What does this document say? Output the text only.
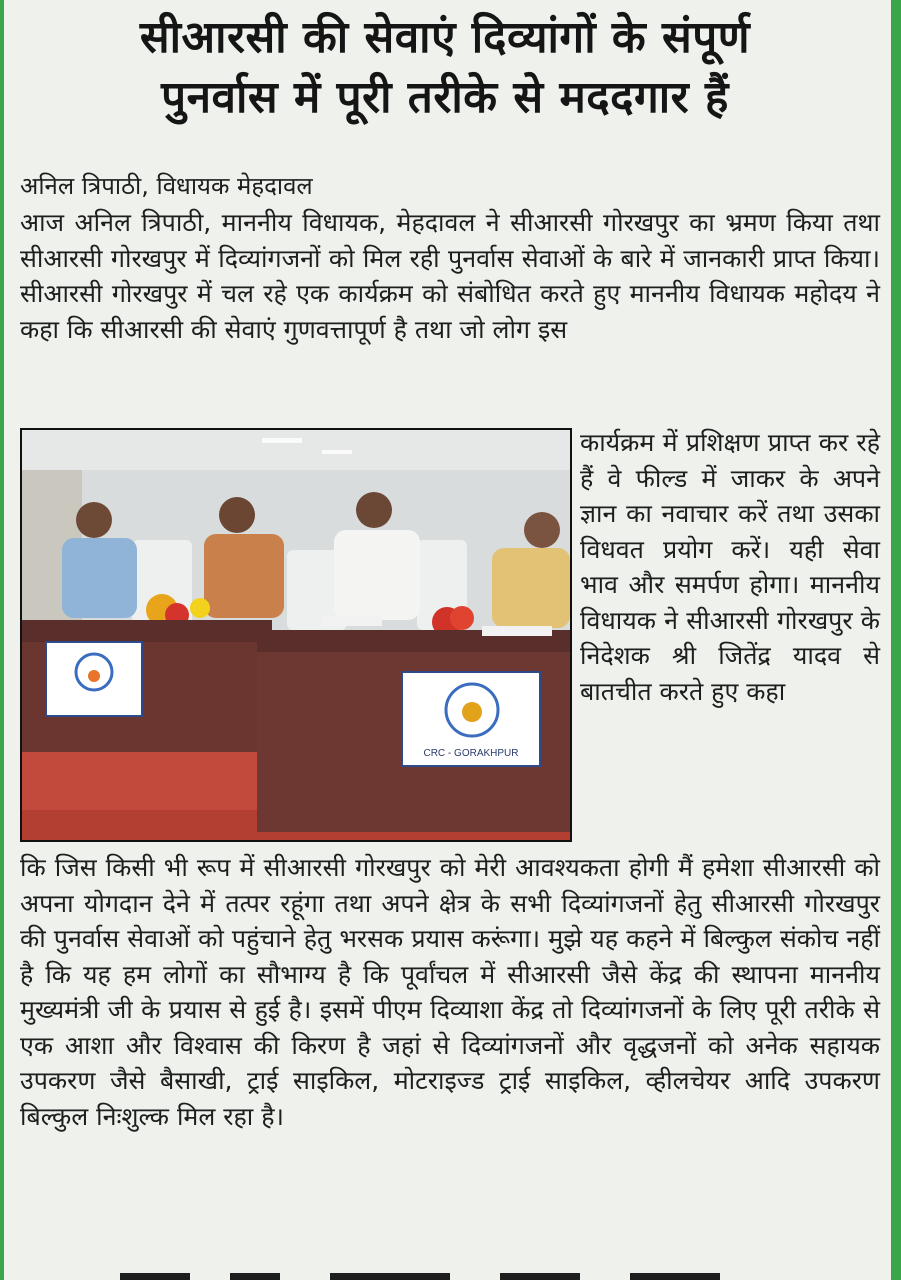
सीआरसी की सेवाएं दिव्यांगों के संपूर्ण
पुनर्वास में पूरी तरीके से मददगार हैं
अनिल त्रिपाठी, विधायक मेहदावल
आज अनिल त्रिपाठी, माननीय विधायक, मेहदावल ने सीआरसी गोरखपुर का भ्रमण किया तथा सीआरसी गोरखपुर में दिव्यांगजनों को मिल रही पुनर्वास सेवाओं के बारे में जानकारी प्राप्त किया। सीआरसी गोरखपुर में चल रहे एक कार्यक्रम को संबोधित करते हुए माननीय विधायक महोदय ने कहा कि सीआरसी की सेवाएं गुणवत्तापूर्ण है तथा जो लोग इस
CRC - GORAKHPUR
कार्यक्रम में प्रशिक्षण प्राप्त कर रहे हैं वे फील्ड में जाकर के अपने ज्ञान का नवाचार करें तथा उसका विधवत प्रयोग करें। यही सेवा भाव और समर्पण होगा। माननीय विधायक ने सीआरसी गोरखपुर के निदेशक श्री जितेंद्र यादव से बातचीत करते हुए कहा
कि जिस किसी भी रूप में सीआरसी गोरखपुर को मेरी आवश्यकता होगी मैं हमेशा सीआरसी को अपना योगदान देने में तत्पर रहूंगा तथा अपने क्षेत्र के सभी दिव्यांगजनों हेतु सीआरसी गोरखपुर की पुनर्वास सेवाओं को पहुंचाने हेतु भरसक प्रयास करूंगा। मुझे यह कहने में बिल्कुल संकोच नहीं है कि यह हम लोगों का सौभाग्य है कि पूर्वांचल में सीआरसी जैसे केंद्र की स्थापना माननीय मुख्यमंत्री जी के प्रयास से हुई है। इसमें पीएम दिव्याशा केंद्र तो दिव्यांगजनों के लिए पूरी तरीके से एक आशा और विश्वास की किरण है जहां से दिव्यांगजनों और वृद्धजनों को अनेक सहायक उपकरण जैसे बैसाखी, ट्राई साइकिल, मोटराइज्ड ट्राई साइकिल, व्हीलचेयर आदि उपकरण बिल्कुल निःशुल्क मिल रहा है।
